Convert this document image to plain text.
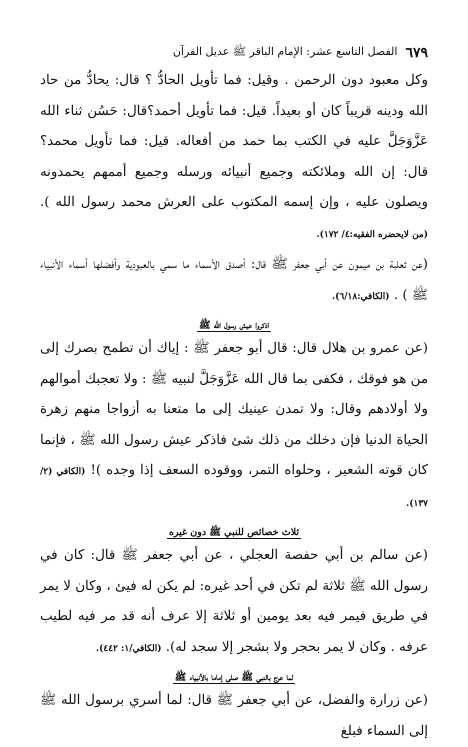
٦٧٩
الفصل التاسع عشر: الإمام الباقر ﷺ عديل القرآن

وكل معبود دون الرحمن . وقيل: فما تأويل الحادُّ ؟ قال: يحادُّ من حاد الله ودينه قريباً كان أو بعيداً. قيل: فما تأويل أحمد؟قال: حَسُن ثناء الله عَزَّوَجَلَّ عليه في الكتب بما حمد من أفعاله. قيل: فما تأويل محمد؟ قال: إن الله وملائكته وجميع أنبيائه ورسله وجميع أممهم يحمدونه ويصلون عليه ، وإن إسمه المكتوب على العرش محمد رسول الله ). (من لايحضره الفقيه:٤/ ١٧٢).

(عن ثعلبة بن ميمون عن أبي جعفر ﷺ قال: أصدق الأسماء ما سمي بالعبودية وأفضلها أسماء الأنبياء ﷺ ) . (الكافي:٦/١٨).

اذكروا عيش رسول الله ﷺ

(عن عمرو بن هلال قال: قال أبو جعفر ﷺ : إياك أن تطمح بصرك إلى من هو فوقك ، فكفى بما قال الله عَزَّوَجَلَّ لنبيه ﷺ : ولا تعجبك أموالهم ولا أولادهم وقال: ولا تمدن عينيك إلى ما متعنا به أزواجا منهم زهرة الحياة الدنيا فإن دخلك من ذلك شئ فاذكر عيش رسول الله ﷺ ، فإنما كان قوته الشعير ، وحلواه التمر، ووقوده السعف إذا وجده )! (الكافي (٢/ ١٣٧).

ثلاث خصائص للنبي ﷺ دون غيره

(عن سالم بن أبي حفصة العجلي ، عن أبي جعفر ﷺ قال: كان في رسول الله ﷺ ثلاثة لم تكن في أحد غيره: لم يكن له فيئ ، وكان لا يمر في طريق فيمر فيه بعد يومين أو ثلاثة إلا عرف أنه قد مر فيه لطيب عرفه . وكان لا يمر بحجر ولا بشجر إلا سجد له). (الكافي/١: ٤٤٢).

لما عرج بالنبي ﷺ صلى إماما بالأنبياء ﷺ

(عن زرارة والفضل، عن أبي جعفر ﷺ قال: لما أسري برسول الله ﷺ إلى السماء فبلغ
